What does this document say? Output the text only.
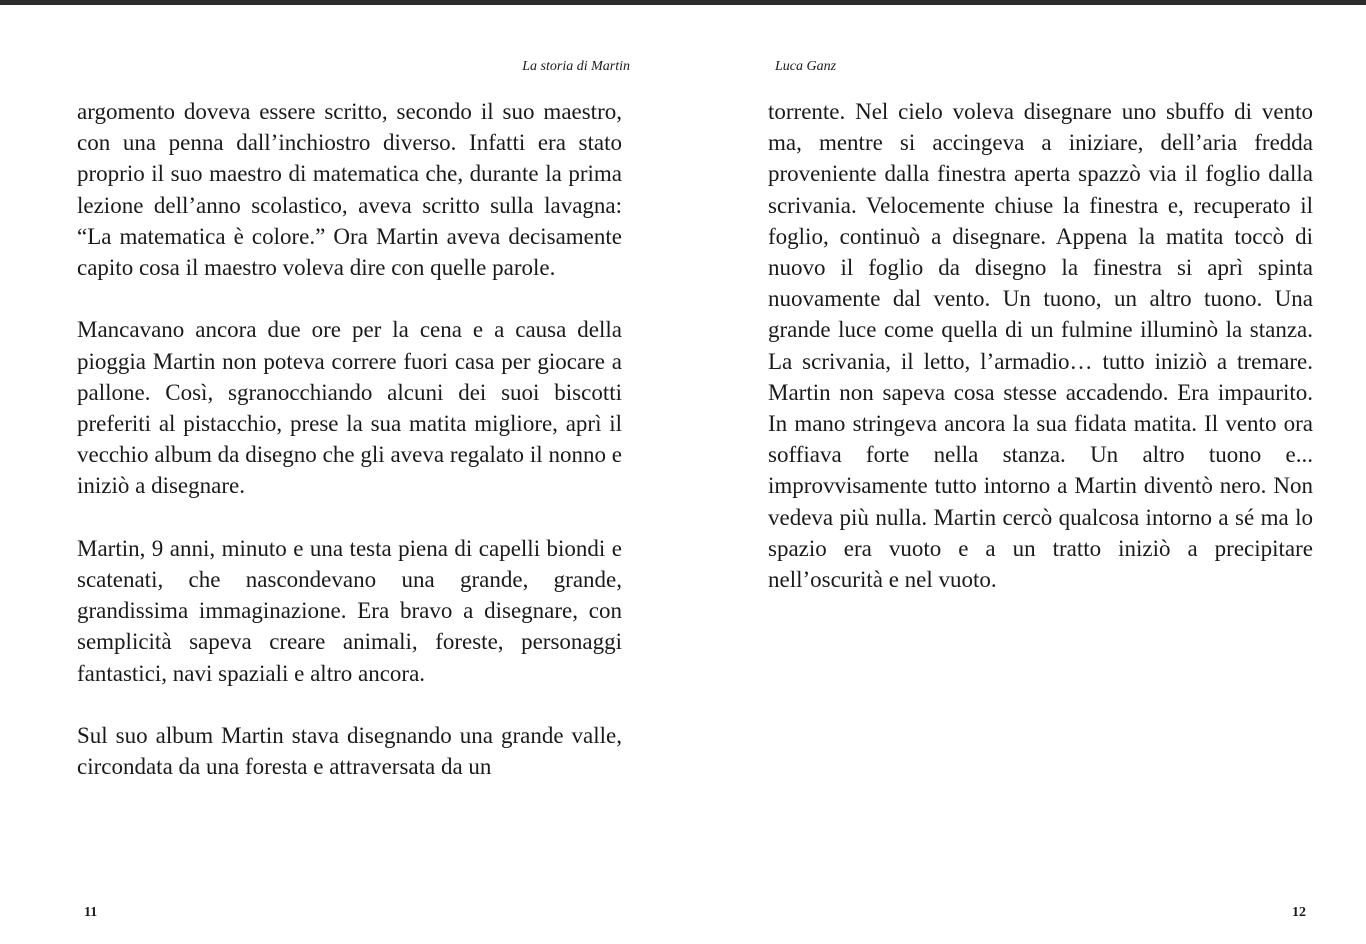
La storia di Martin

argomento doveva essere scritto, secondo il suo maestro, con una penna dall’inchiostro diverso. Infatti era stato proprio il suo maestro di matematica che, durante la prima lezione dell’anno scolastico, aveva scritto sulla lavagna: “La matematica è colore.” Ora Martin aveva decisamente capito cosa il maestro voleva dire con quelle parole.

Mancavano ancora due ore per la cena e a causa della pioggia Martin non poteva correre fuori casa per giocare a pallone. Così, sgranocchiando alcuni dei suoi biscotti preferiti al pistacchio, prese la sua matita migliore, aprì il vecchio album da disegno che gli aveva regalato il nonno e iniziò a disegnare.

Martin, 9 anni, minuto e una testa piena di capelli biondi e scatenati, che nascondevano una grande, grande, grandissima immaginazione. Era bravo a disegnare, con semplicità sapeva creare animali, foreste, personaggi fantastici, navi spaziali e altro ancora.

Sul suo album Martin stava disegnando una grande valle, circondata da una foresta e attraversata da un

11
Luca Ganz

torrente. Nel cielo voleva disegnare uno sbuffo di vento ma, mentre si accingeva a iniziare, dell’aria fredda proveniente dalla finestra aperta spazzò via il foglio dalla scrivania. Velocemente chiuse la finestra e, recuperato il foglio, continuò a disegnare. Appena la matita toccò di nuovo il foglio da disegno la finestra si aprì spinta nuovamente dal vento. Un tuono, un altro tuono. Una grande luce come quella di un fulmine illuminò la stanza. La scrivania, il letto, l’armadio… tutto iniziò a tremare. Martin non sapeva cosa stesse accadendo. Era impaurito. In mano stringeva ancora la sua fidata matita. Il vento ora soffiava forte nella stanza. Un altro tuono e... improvvisamente tutto intorno a Martin diventò nero. Non vedeva più nulla. Martin cercò qualcosa intorno a sé ma lo spazio era vuoto e a un tratto iniziò a precipitare nell’oscurità e nel vuoto.

12
